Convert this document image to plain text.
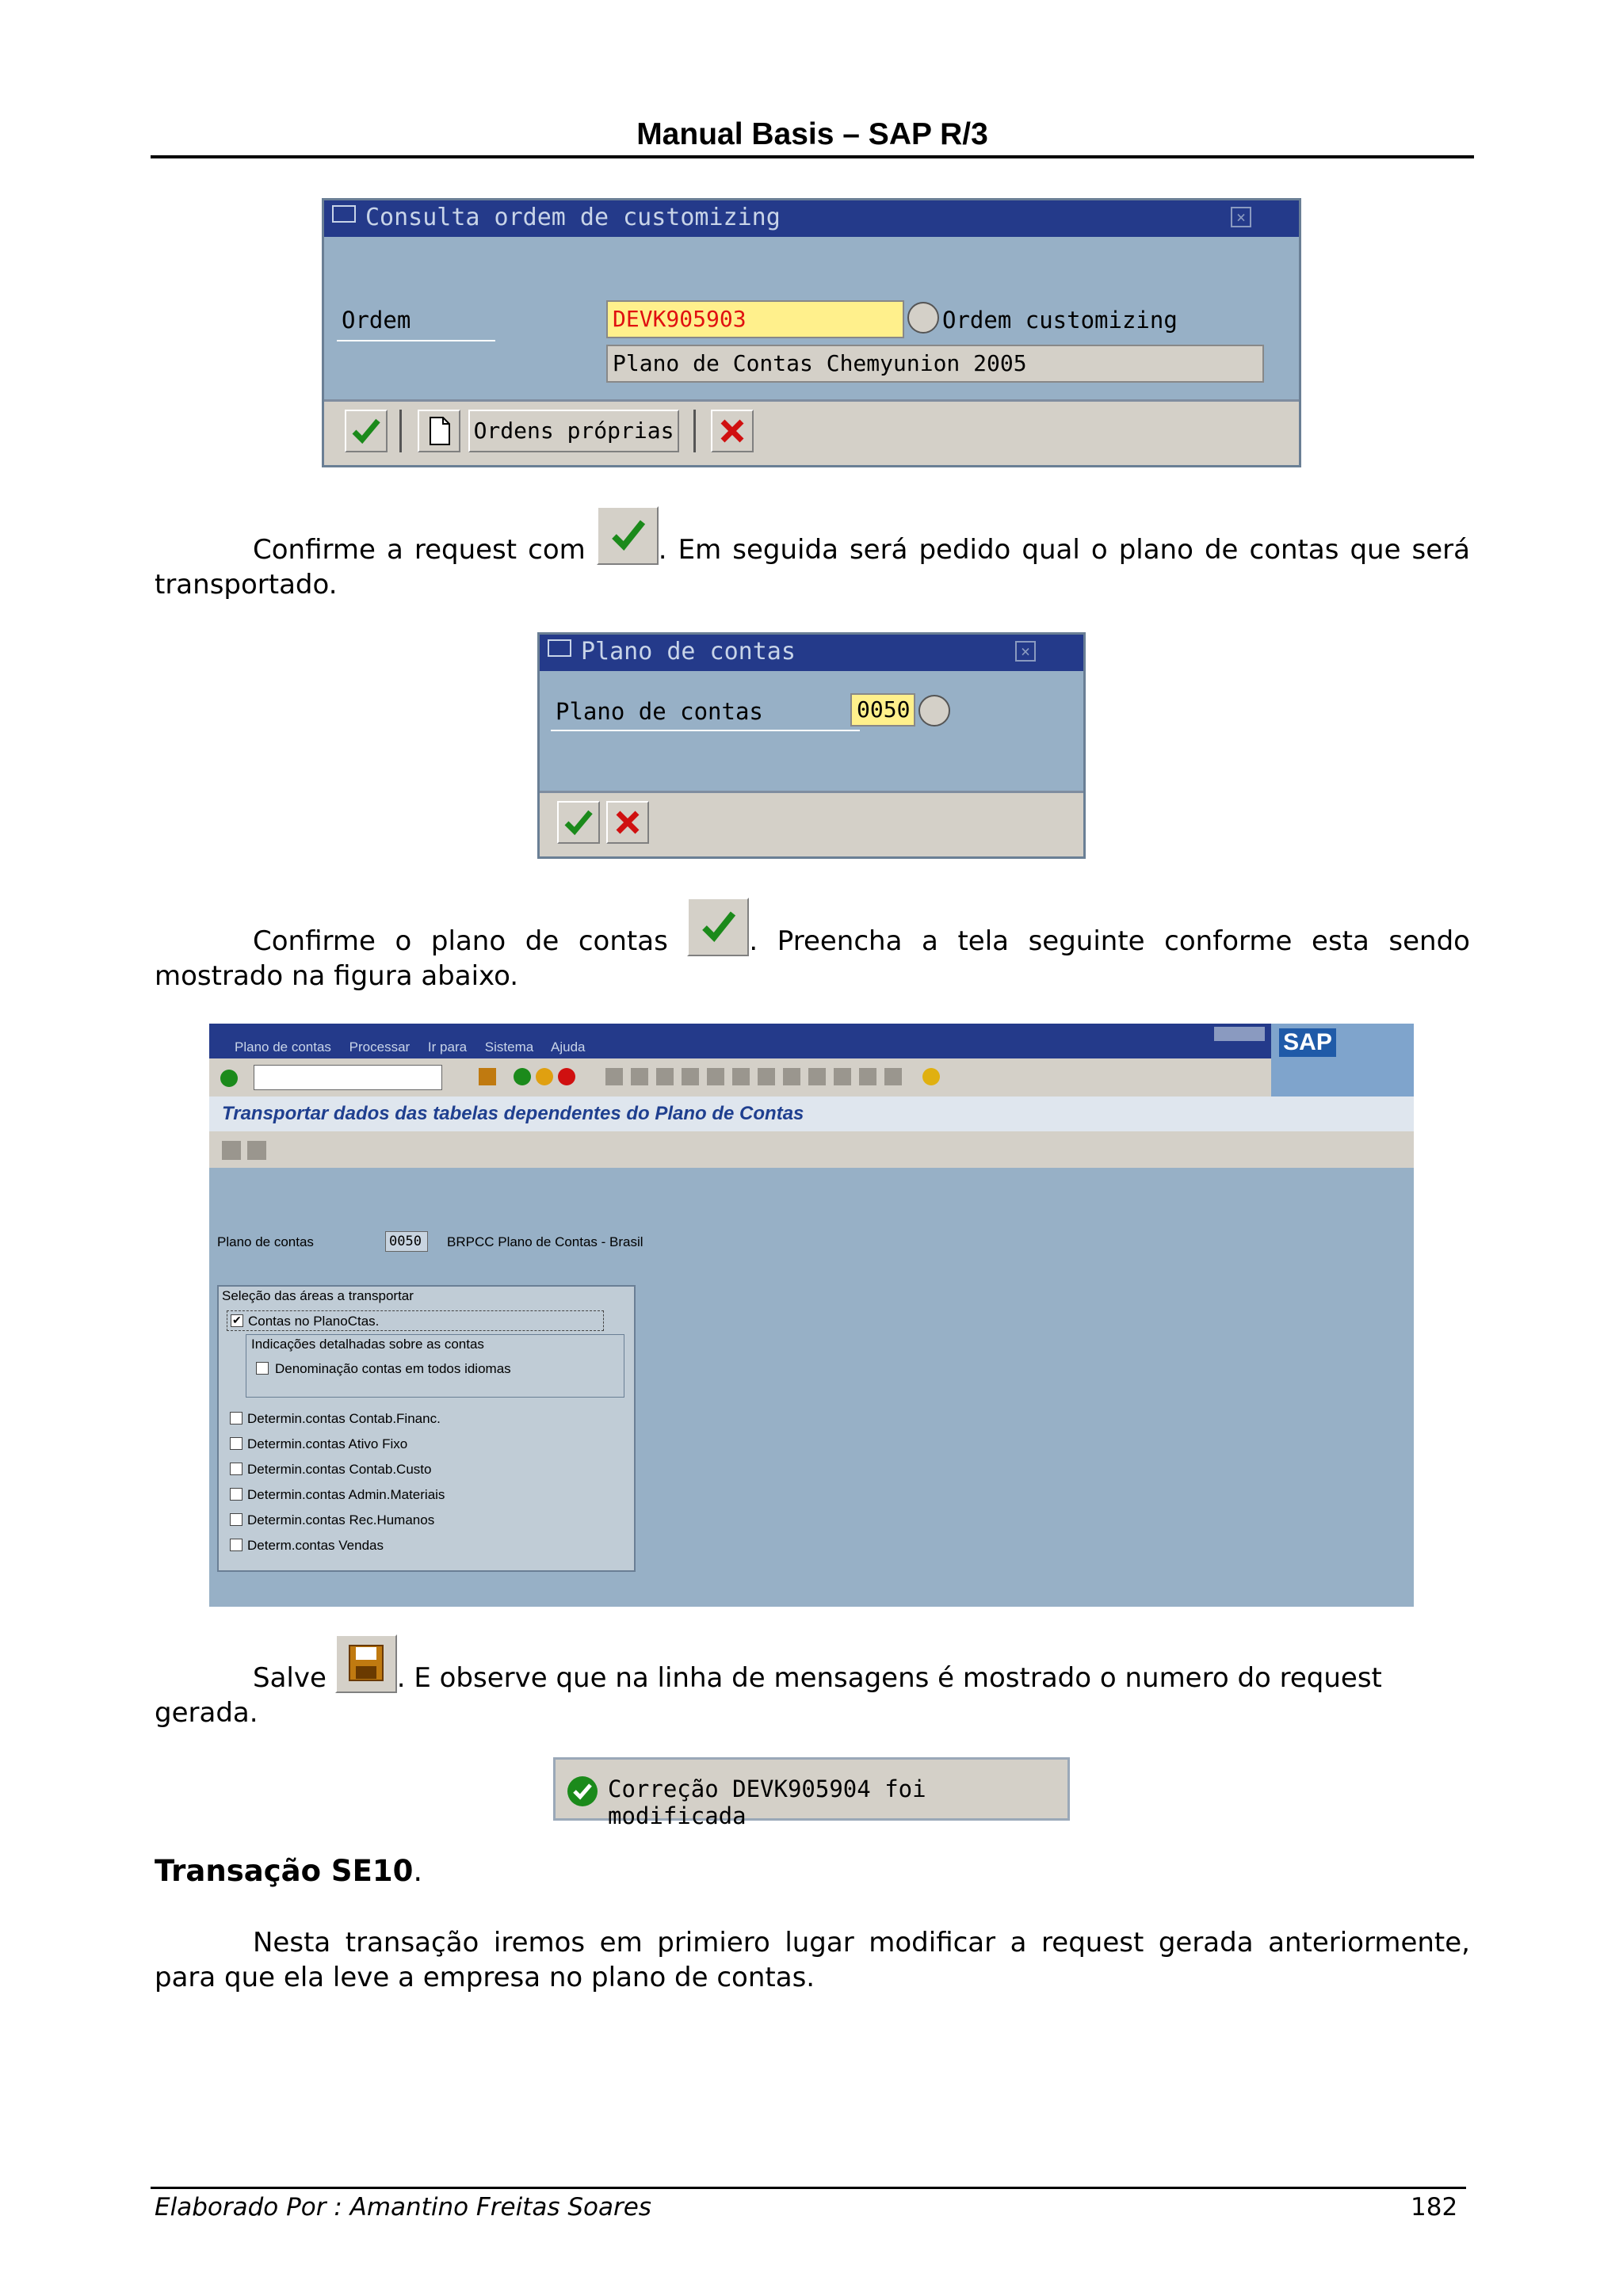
Manual Basis – SAP R/3
Consulta ordem de customizing	×
Ordem	DEVK905903	Ordem customizing
Plano de Contas Chemyunion 2005
Ordens próprias
Confirme a request com	. Em seguida será pedido qual o plano de contas que será transportado.
Plano de contas	×
Plano de contas	0050
Confirme o plano de contas	. Preencha a tela seguinte conforme esta sendo mostrado na figura abaixo.
Plano de contas Processar Ir para Sistema Ajuda	SAP
Transportar dados das tabelas dependentes do Plano de Contas
Plano de contas	0050	BRPCC Plano de Contas - Brasil
Seleção das áreas a transportar
✔ Contas no PlanoCtas.
Indicações detalhadas sobre as contas
Denominação contas em todos idiomas
Determin.contas Contab.Financ.
Determin.contas Ativo Fixo
Determin.contas Contab.Custo
Determin.contas Admin.Materiais
Determin.contas Rec.Humanos
Determ.contas Vendas
Salve	. E observe que na linha de mensagens é mostrado o numero do request gerada.
Correção DEVK905904 foi modificada
Transação SE10.
Nesta transação iremos em primiero lugar modificar a request gerada anteriormente, para que ela leve a empresa no plano de contas.
Elaborado Por : Amantino Freitas Soares	182
